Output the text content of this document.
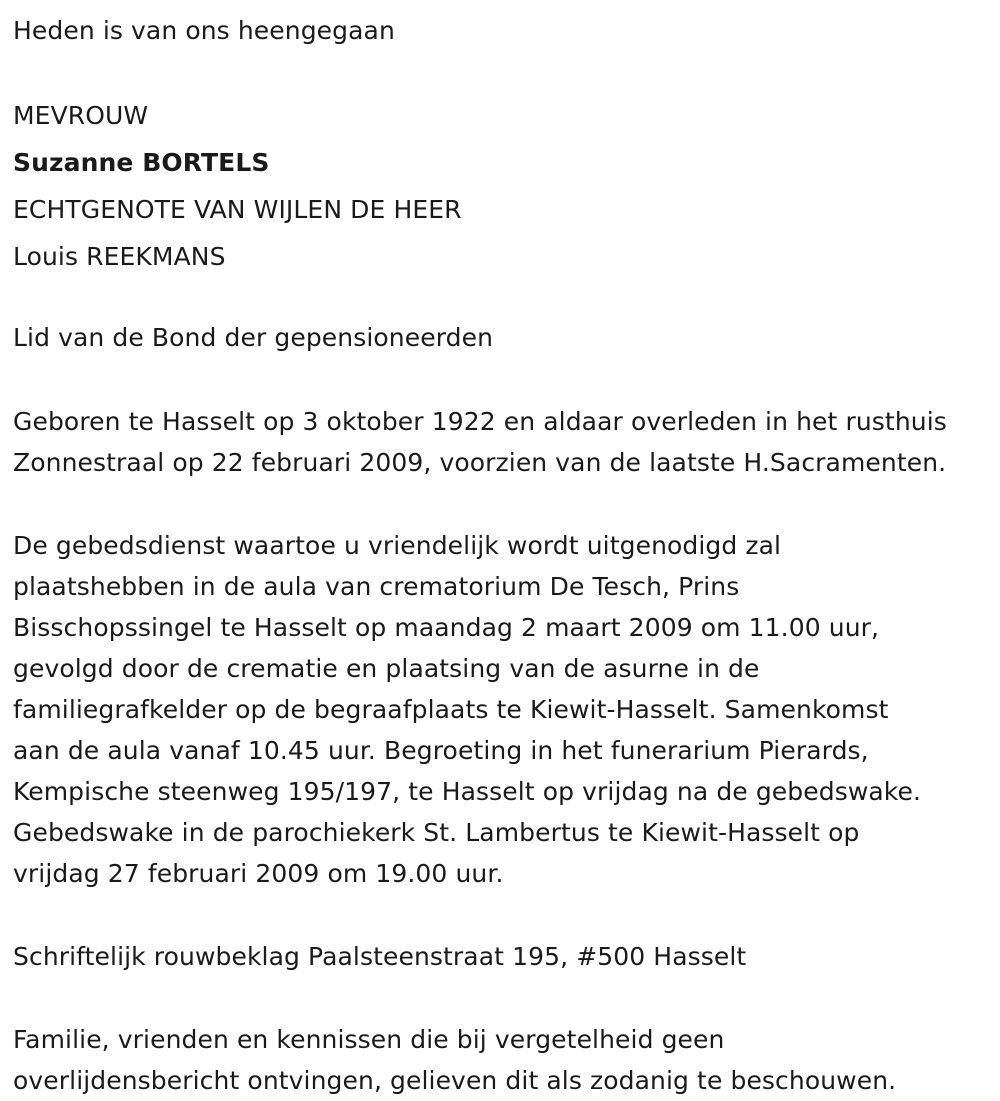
Heden is van ons heengegaan
MEVROUW
Suzanne BORTELS
ECHTGENOTE VAN WIJLEN DE HEER
Louis REEKMANS
Lid van de Bond der gepensioneerden
Geboren te Hasselt op 3 oktober 1922 en aldaar overleden in het rusthuis
Zonnestraal op 22 februari 2009, voorzien van de laatste H.Sacramenten.
De gebedsdienst waartoe u vriendelijk wordt uitgenodigd zal
plaatshebben in de aula van crematorium De Tesch, Prins
Bisschopssingel te Hasselt op maandag 2 maart 2009 om 11.00 uur,
gevolgd door de crematie en plaatsing van de asurne in de
familiegrafkelder op de begraafplaats te Kiewit-Hasselt. Samenkomst
aan de aula vanaf 10.45 uur. Begroeting in het funerarium Pierards,
Kempische steenweg 195/197, te Hasselt op vrijdag na de gebedswake.
Gebedswake in de parochiekerk St. Lambertus te Kiewit-Hasselt op
vrijdag 27 februari 2009 om 19.00 uur.
Schriftelijk rouwbeklag Paalsteenstraat 195, #500 Hasselt
Familie, vrienden en kennissen die bij vergetelheid geen
overlijdensbericht ontvingen, gelieven dit als zodanig te beschouwen.
